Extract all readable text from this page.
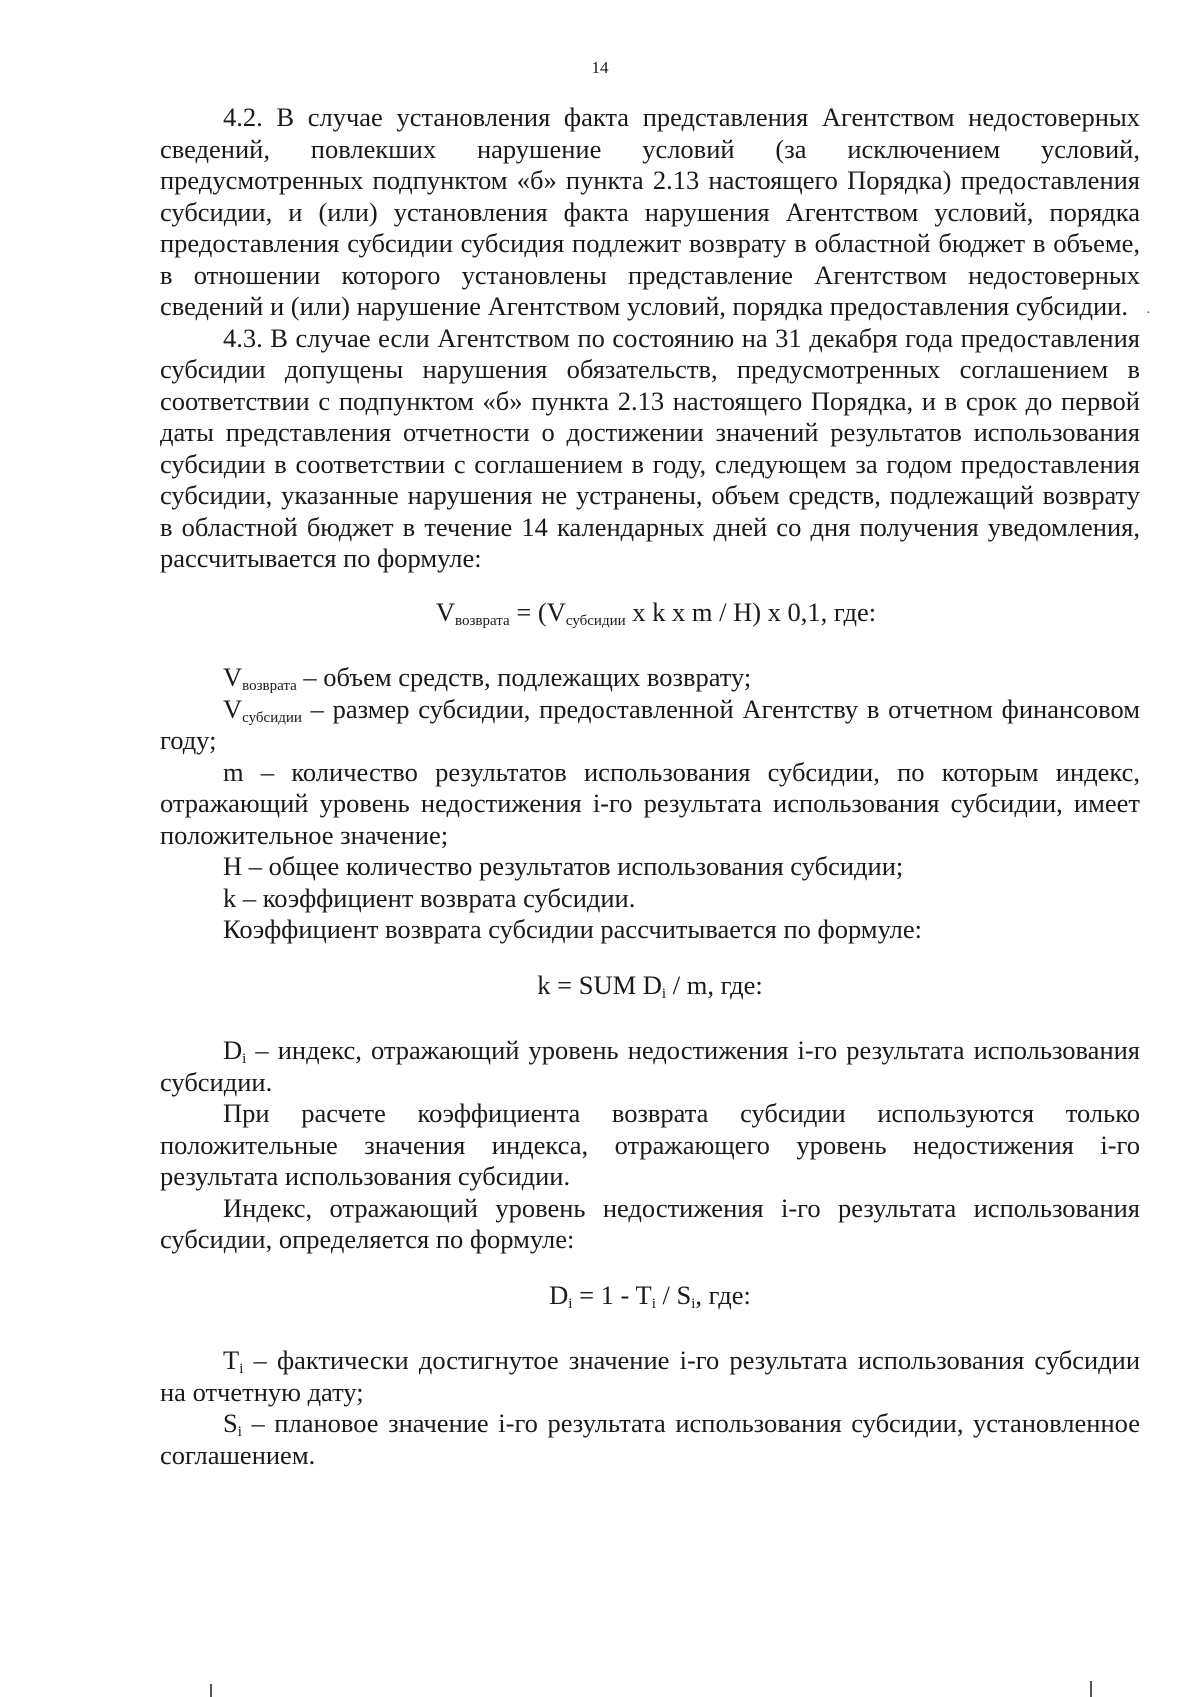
14
·

4.2. В случае установления факта представления Агентством недостоверных сведений, повлекших нарушение условий (за исключением условий, предусмотренных подпунктом «б» пункта 2.13 настоящего Порядка) предоставления субсидии, и (или) установления факта нарушения Агентством условий, порядка предоставления субсидии субсидия подлежит возврату в областной бюджет в объеме, в отношении которого установлены представление Агентством недостоверных сведений и (или) нарушение Агентством условий, порядка предоставления субсидии.

4.3. В случае если Агентством по состоянию на 31 декабря года предоставления субсидии допущены нарушения обязательств, предусмотренных соглашением в соответствии с подпунктом «б» пункта 2.13 настоящего Порядка, и в срок до первой даты представления отчетности о достижении значений результатов использования субсидии в соответствии с соглашением в году, следующем за годом предоставления субсидии, указанные нарушения не устранены, объем средств, подлежащий возврату в областной бюджет в течение 14 календарных дней со дня получения уведомления, рассчитывается по формуле:

$V_{возврата} = (V_{субсидии}$ x k x m / H) x 0,1, где:

$V_{возврата}$ – объем средств, подлежащих возврату;

$V_{субсидии}$ – размер субсидии, предоставленной Агентству в отчетном финансовом году;

m – количество результатов использования субсидии, по которым индекс, отражающий уровень недостижения i-го результата использования субсидии, имеет положительное значение;

H – общее количество результатов использования субсидии;

k – коэффициент возврата субсидии.

Коэффициент возврата субсидии рассчитывается по формуле:

k = SUM $D_i$ / m, где:

$D_i$ – индекс, отражающий уровень недостижения i-го результата использования субсидии.

При расчете коэффициента возврата субсидии используются только положительные значения индекса, отражающего уровень недостижения i-го результата использования субсидии.

Индекс, отражающий уровень недостижения i-го результата использования субсидии, определяется по формуле:

$D_i = 1 - T_i / S_i$, где:

$T_i$ – фактически достигнутое значение i-го результата использования субсидии на отчетную дату;

$S_i$ – плановое значение i-го результата использования субсидии, установленное соглашением.
